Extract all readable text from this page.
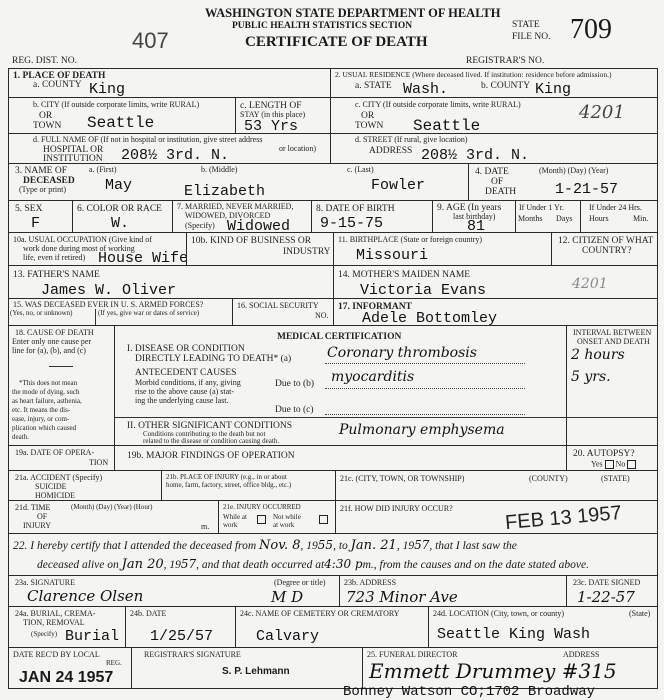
WASHINGTON STATE DEPARTMENT OF HEALTH
PUBLIC HEALTH STATISTICS SECTION
CERTIFICATE OF DEATH
407
REG. DIST. NO.
STATE
FILE NO. 709
REGISTRAR'S NO.
1. PLACE OF DEATH
a. COUNTY King
2. USUAL RESIDENCE (Where deceased lived. If institution: residence before admission.)
a. STATE Wash.	b. COUNTY King
b. CITY (If outside corporate limits, write RURAL)
OR
TOWN Seattle
c. LENGTH OF
STAY (in this place)
53 Yrs
c. CITY (If outside corporate limits, write RURAL)
OR
TOWN Seattle
4201
d. FULL NAME OF (If not in hospital or institution, give street address
HOSPITAL OR
INSTITUTION
or location)
208½ 3rd. N.
d. STREET (If rural, give location)
ADDRESS 208½ 3rd. N.
3. NAME OF
DECEASED
(Type or print)
a. (First)	b. (Middle)	c. (Last)
May	Elizabeth	Fowler
4. DATE
OF
DEATH
(Month) (Day) (Year)
1-21-57
5. SEX
F
6. COLOR OR RACE
W.
7. MARRIED, NEVER MARRIED,
WIDOWED, DIVORCED
(Specify) Widowed
8. DATE OF BIRTH
9-15-75
9. AGE (In years
last birthday)
81
If Under 1 Yr.
Months Days
If Under 24 Hrs.
Hours	Min.
10a. USUAL OCCUPATION (Give kind of
work done during most of working
life, even if retired) House Wife
10b. KIND OF BUSINESS OR
INDUSTRY
11. BIRTHPLACE (State or foreign country)
Missouri
12. CITIZEN OF WHAT
COUNTRY?
13. FATHER'S NAME
James W. Oliver
14. MOTHER'S MAIDEN NAME
Victoria Evans	4201
15. WAS DECEASED EVER IN U. S. ARMED FORCES?
(Yes, no, or unknown)	(If yes, give war or dates of service)
16. SOCIAL SECURITY
NO.
17. INFORMANT
Adele Bottomley
18. CAUSE OF DEATH
Enter only one cause per
line for (a), (b), and (c)
*This does not mean
the mode of dying, such
as heart failure, asthenia,
etc. It means the dis-
ease, injury, or com-
plication which caused
death.
MEDICAL CERTIFICATION
I. DISEASE OR CONDITION
DIRECTLY LEADING TO DEATH* (a)	Coronary thrombosis
ANTECEDENT CAUSES
Morbid conditions, if any, giving
rise to the above cause (a) stat-
ing the underlying cause last.
Due to (b) myocarditis
Due to (c)
II. OTHER SIGNIFICANT CONDITIONS
Conditions contributing to the death but not
related to the disease or condition causing death.
Pulmonary emphysema
INTERVAL BETWEEN
ONSET AND DEATH
2 hours
5 yrs.
19a. DATE OF OPERA-
TION
19b. MAJOR FINDINGS OF OPERATION	20. AUTOPSY?
Yes No
21a. ACCIDENT (Specify)
SUICIDE
HOMICIDE
21b. PLACE OF INJURY (e.g., in or about
home, farm, factory, street, office bldg., etc.)
21c. (CITY, TOWN, OR TOWNSHIP)	(COUNTY)	(STATE)
21d. TIME
OF
INJURY
(Month) (Day) (Year) (Hour)
m.
21e. INJURY OCCURRED
While at
work
Not while
at work
21f. HOW DID INJURY OCCUR?
22. I hereby certify that I attended the deceased from Nov. 8, 1955, to Jan. 21, 1957, that I last saw the
deceased alive on Jan 20, 1957, and that death occurred at4:30 pm., from the causes and on the date stated above.
23a. SIGNATURE	(Degree or title)
Clarence Olsen	M D
23b. ADDRESS
723 Minor Ave
23c. DATE SIGNED
1-22-57
24a. BURIAL, CREMA-
TION, REMOVAL
(Specify) Burial
24b. DATE
1/25/57
24c. NAME OF CEMETERY OR CREMATORY
Calvary
24d. LOCATION (City, town, or county)	(State)
Seattle King Wash
DATE REC'D BY LOCAL
REG.
JAN 24 1957
REGISTRAR'S SIGNATURE
S. P. Lehmann
25. FUNERAL DIRECTOR	ADDRESS
Emmett Drummey #315
Bonney Watson CO;1702 Broadway
FEB 13 1957
